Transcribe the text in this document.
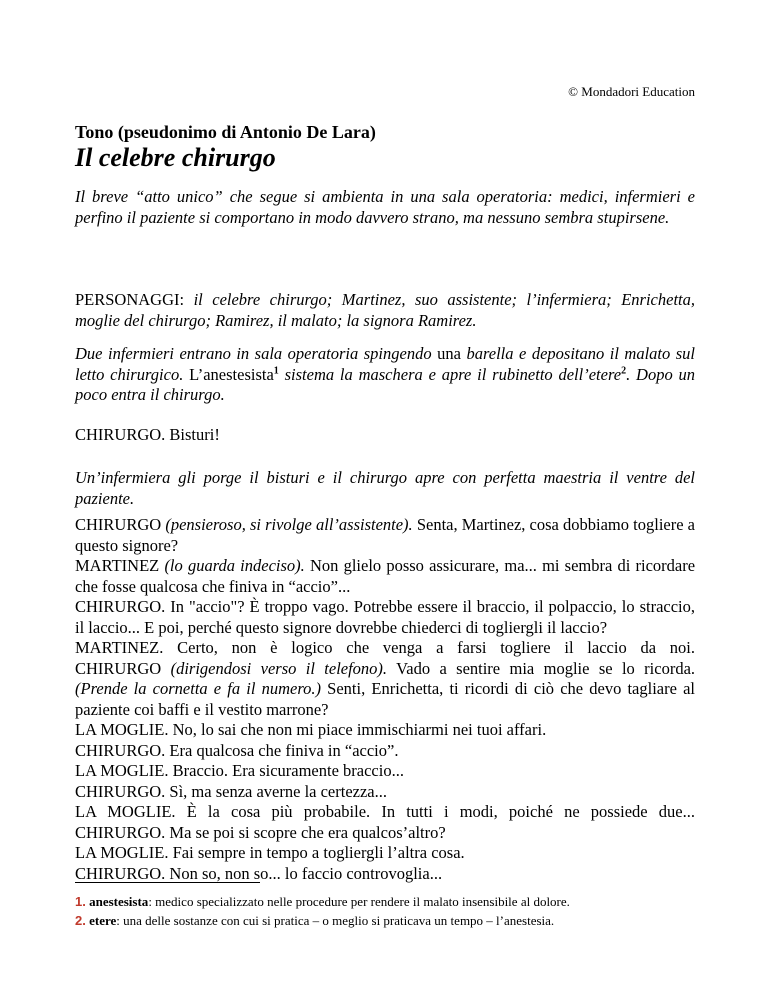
© Mondadori Education
Tono (pseudonimo di Antonio De Lara)
Il celebre chirurgo
Il breve “atto unico” che segue si ambienta in una sala operatoria: medici, infermieri e perfino il paziente si comportano in modo davvero strano, ma nessuno sembra stupirsene.
PERSONAGGI: il celebre chirurgo; Martinez, suo assistente; l’infermiera; Enrichetta, moglie del chirurgo; Ramirez, il malato; la signora Ramirez.
Due infermieri entrano in sala operatoria spingendo una barella e depositano il malato sul letto chirurgico. L’anestesista$^1$ sistema la maschera e apre il rubinetto dell’etere$^2$. Dopo un poco entra il chirurgo.
CHIRURGO. Bisturi!
Un’infermiera gli porge il bisturi e il chirurgo apre con perfetta maestria il ventre del paziente.

CHIRURGO (pensieroso, si rivolge all’assistente). Senta, Martinez, cosa dobbiamo togliere a questo signore?

MARTINEZ (lo guarda indeciso). Non glielo posso assicurare, ma... mi sembra di ricordare che fosse qualcosa che finiva in “accio”...

CHIRURGO. In "accio"? È troppo vago. Potrebbe essere il braccio, il polpaccio, lo straccio, il laccio... E poi, perché questo signore dovrebbe chiederci di togliergli il laccio?

MARTINEZ. Certo, non è logico che venga a farsi togliere il laccio da noi.

CHIRURGO (dirigendosi verso il telefono). Vado a sentire mia moglie se lo ricorda.

(Prende la cornetta e fa il numero.) Senti, Enrichetta, ti ricordi di ciò che devo tagliare al paziente coi baffi e il vestito marrone?

LA MOGLIE. No, lo sai che non mi piace immischiarmi nei tuoi affari.

CHIRURGO. Era qualcosa che finiva in “accio”.

LA MOGLIE. Braccio. Era sicuramente braccio...

CHIRURGO. Sì, ma senza averne la certezza...

LA MOGLIE. È la cosa più probabile. In tutti i modi, poiché ne possiede due...

CHIRURGO. Ma se poi si scopre che era qualcos’altro?

LA MOGLIE. Fai sempre in tempo a togliergli l’altra cosa.

CHIRURGO. Non so, non so... lo faccio controvoglia...

1. anestesista: medico specializzato nelle procedure per rendere il malato insensibile al dolore.
2. etere: una delle sostanze con cui si pratica – o meglio si praticava un tempo – l’anestesia.
